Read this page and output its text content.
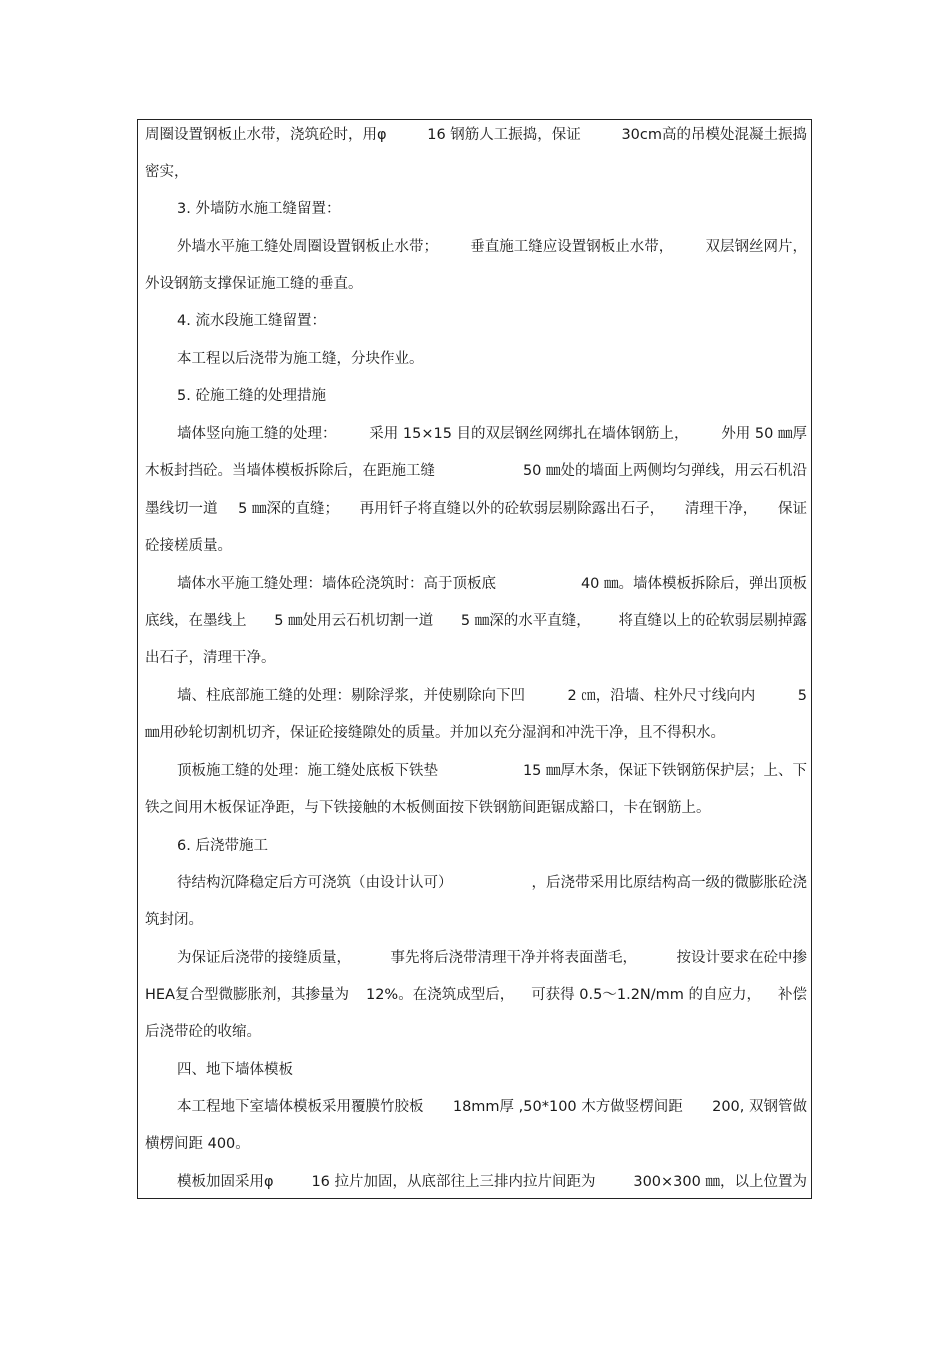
周圈设置钢板止水带，浇筑砼时，用φ	16 钢筋人工振捣，保证	30cm高的吊模处混凝土振捣
密实，
3. 外墙防水施工缝留置：
外墙水平施工缝处周圈设置钢板止水带； 垂直施工缝应设置钢板止水带， 双层钢丝网片，
外设钢筋支撑保证施工缝的垂直。
4. 流水段施工缝留置：
本工程以后浇带为施工缝，分块作业。
5. 砼施工缝的处理措施
墙体竖向施工缝的处理： 采用 15×15 目的双层钢丝网绑扎在墙体钢筋上， 外用 50 ㎜厚
木板封挡砼。当墙体模板拆除后，在距施工缝	50 ㎜处的墙面上两侧均匀弹线，用云石机沿
墨线切一道 5 ㎜深的直缝； 再用钎子将直缝以外的砼软弱层剔除露出石子， 清理干净， 保证
砼接槎质量。
墙体水平施工缝处理：墙体砼浇筑时：高于顶板底	40 ㎜。墙体模板拆除后，弹出顶板
底线，在墨线上 5 ㎜处用云石机切割一道 5 ㎜深的水平直缝， 将直缝以上的砼软弱层剔掉露
出石子，清理干净。
墙、柱底部施工缝的处理：剔除浮浆，并使剔除向下凹	2 ㎝，沿墙、柱外尺寸线向内	5
㎜用砂轮切割机切齐，保证砼接缝隙处的质量。并加以充分湿润和冲洗干净，且不得积水。
顶板施工缝的处理：施工缝处底板下铁垫	15 ㎜厚木条，保证下铁钢筋保护层；上、下
铁之间用木板保证净距，与下铁接触的木板侧面按下铁钢筋间距锯成豁口，卡在钢筋上。
6. 后浇带施工
待结构沉降稳定后方可浇筑（由设计认可）	，后浇带采用比原结构高一级的微膨胀砼浇
筑封闭。
为保证后浇带的接缝质量，	事先将后浇带清理干净并将表面凿毛，	按设计要求在砼中掺
HEA复合型微膨胀剂，其掺量为 12%。在浇筑成型后， 可获得 0.5～1.2N/mm 的自应力， 补偿
后浇带砼的收缩。
四、地下墙体模板
本工程地下室墙体模板采用覆膜竹胶板 18mm厚 ,50*100 木方做竖楞间距 200, 双钢管做
横楞间距 400。
模板加固采用φ	16 拉片加固，从底部往上三排内拉片间距为	300×300 ㎜，以上位置为
